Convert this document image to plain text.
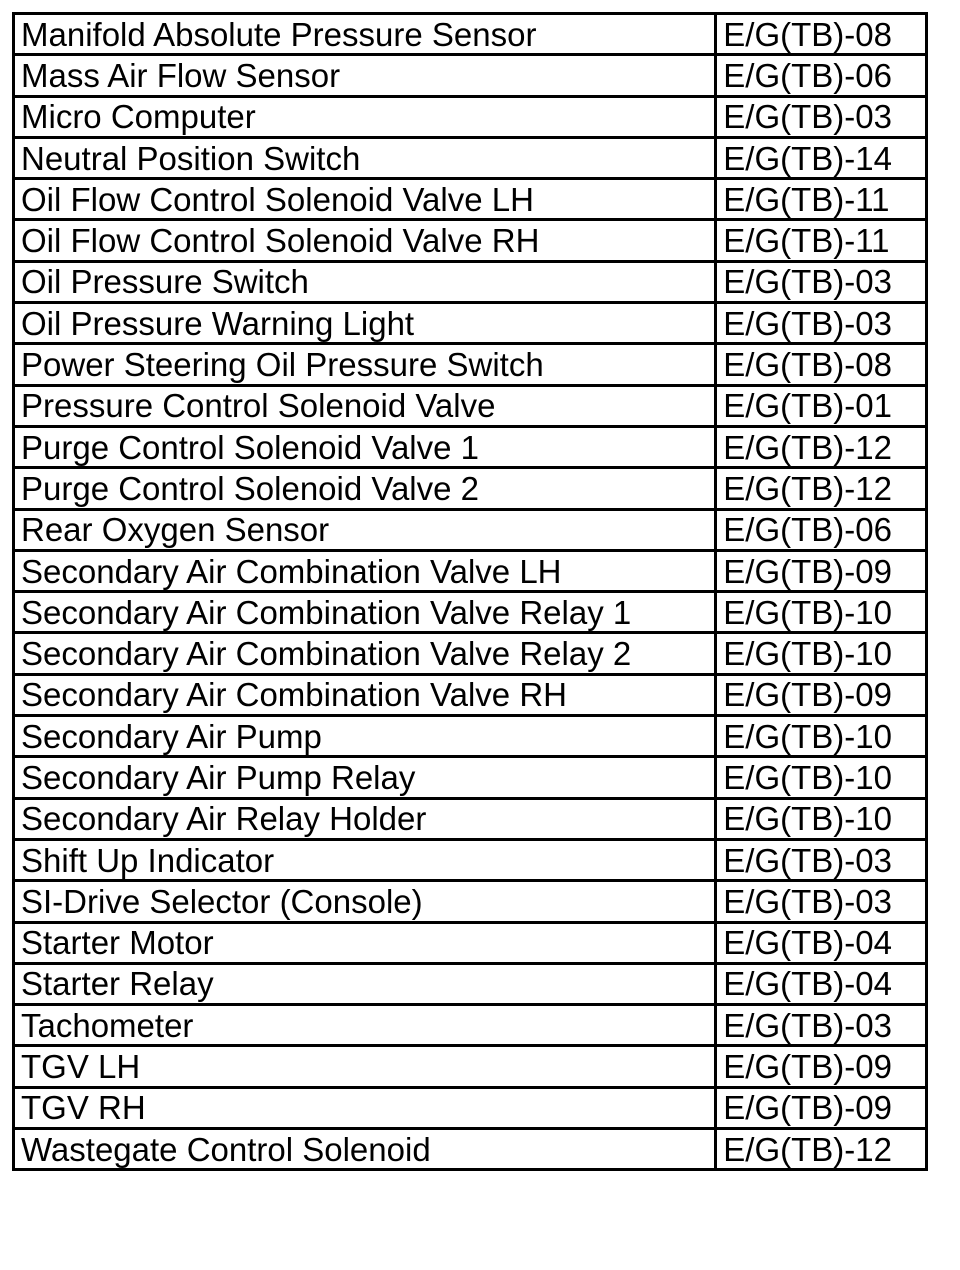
Manifold Absolute Pressure Sensor	E/G(TB)-08
Mass Air Flow Sensor	E/G(TB)-06
Micro Computer	E/G(TB)-03
Neutral Position Switch	E/G(TB)-14
Oil Flow Control Solenoid Valve LH	E/G(TB)-11
Oil Flow Control Solenoid Valve RH	E/G(TB)-11
Oil Pressure Switch	E/G(TB)-03
Oil Pressure Warning Light	E/G(TB)-03
Power Steering Oil Pressure Switch	E/G(TB)-08
Pressure Control Solenoid Valve	E/G(TB)-01
Purge Control Solenoid Valve 1	E/G(TB)-12
Purge Control Solenoid Valve 2	E/G(TB)-12
Rear Oxygen Sensor	E/G(TB)-06
Secondary Air Combination Valve LH	E/G(TB)-09
Secondary Air Combination Valve Relay 1	E/G(TB)-10
Secondary Air Combination Valve Relay 2	E/G(TB)-10
Secondary Air Combination Valve RH	E/G(TB)-09
Secondary Air Pump	E/G(TB)-10
Secondary Air Pump Relay	E/G(TB)-10
Secondary Air Relay Holder	E/G(TB)-10
Shift Up Indicator	E/G(TB)-03
SI-Drive Selector (Console)	E/G(TB)-03
Starter Motor	E/G(TB)-04
Starter Relay	E/G(TB)-04
Tachometer	E/G(TB)-03
TGV LH	E/G(TB)-09
TGV RH	E/G(TB)-09
Wastegate Control Solenoid	E/G(TB)-12
